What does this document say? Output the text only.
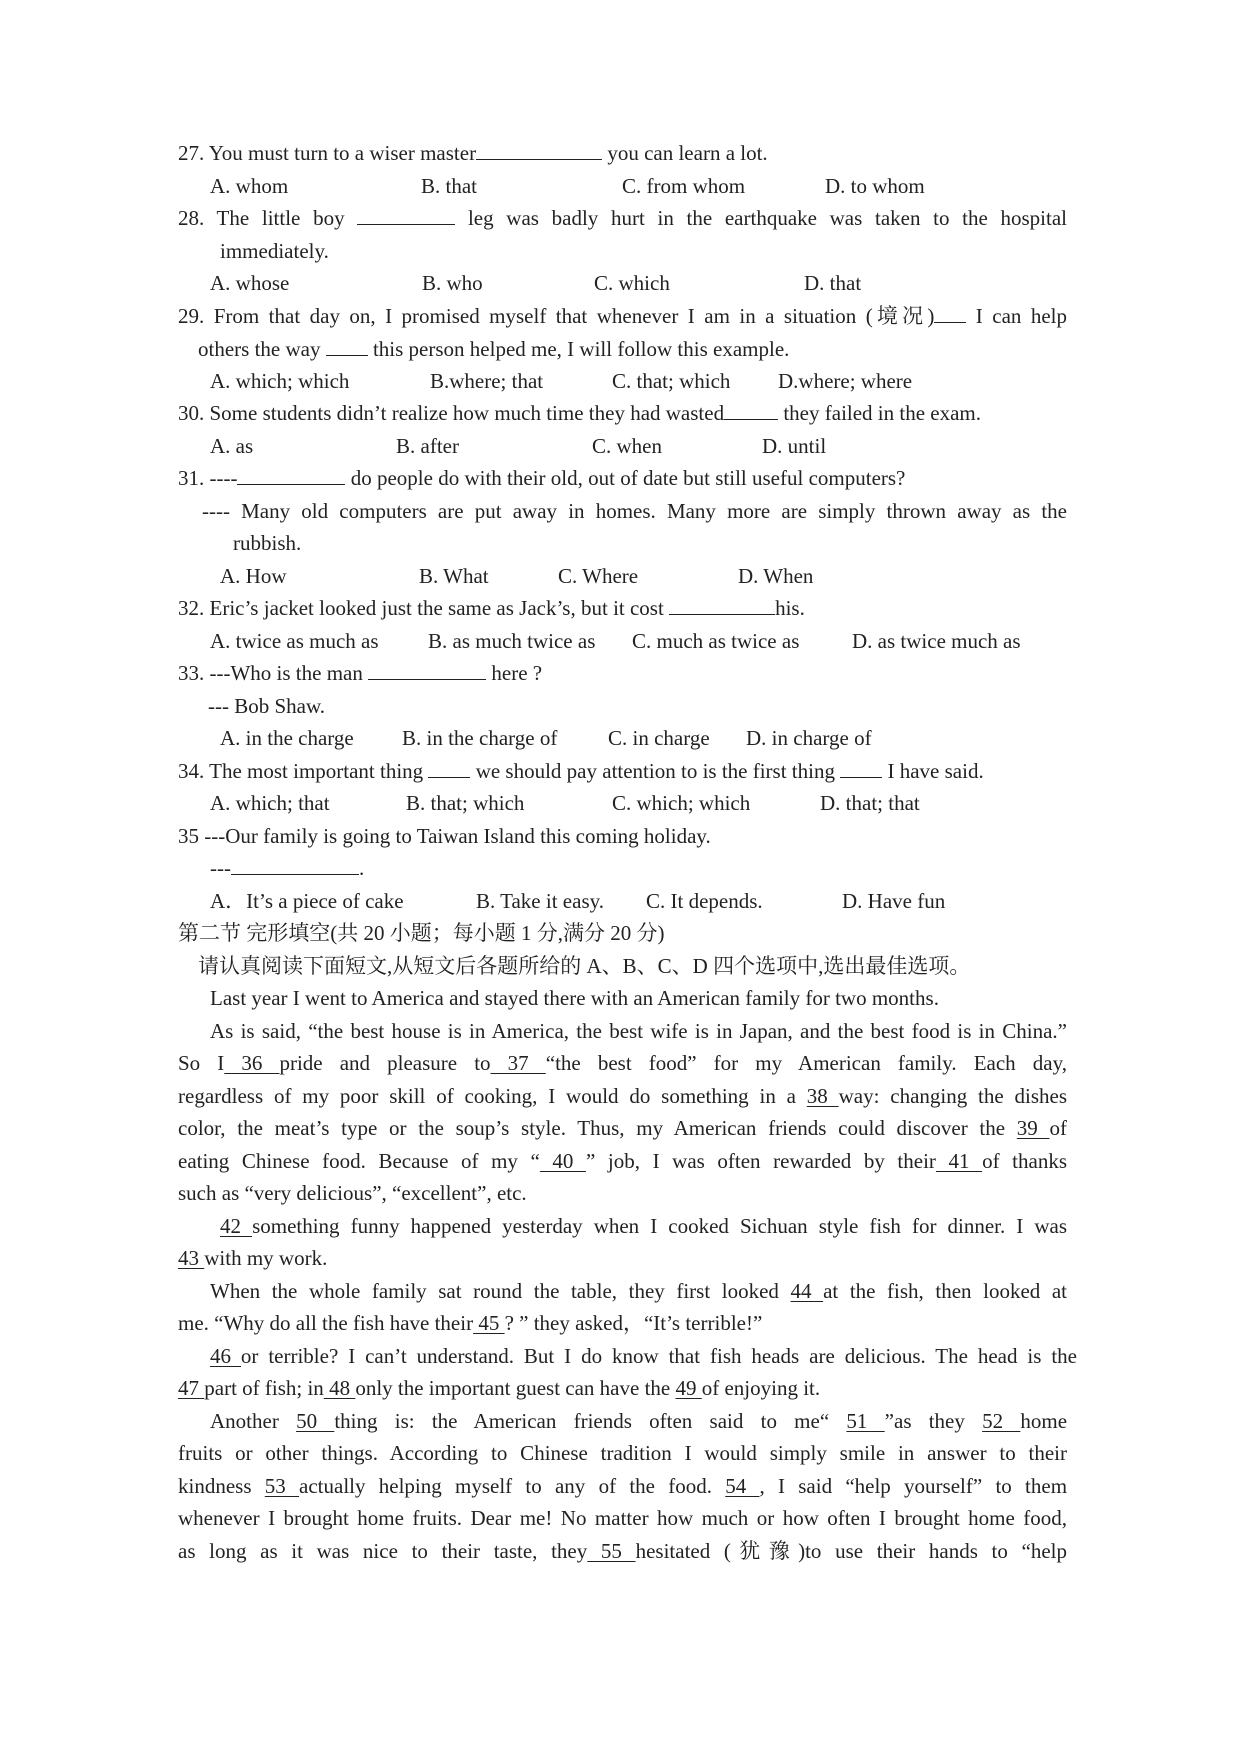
27. You must turn to a wiser master	you can learn a lot.
A. whom	B. that	C. from whom	D. to whom
28. The little boy	leg was badly hurt in the earthquake was taken to the hospital
immediately.
A. whose	B. who	C. which	D. that
29. From that day on, I promised myself that whenever I am in a situation (境况) I can help
others the way	this person helped me, I will follow this example.
A. which; which	B.where; that	C. that; which D.where; where
30. Some students didn’t realize how much time they had wasted	they failed in the exam.
A. as	B. after	C. when	D. until
31. ----	do people do with their old, out of date but still useful computers?
---- Many old computers are put away in homes. Many more are simply thrown away as the
rubbish.
A. How	B. What	C. Where	D. When
32. Eric’s jacket looked just the same as Jack’s, but it cost	his.
A. twice as much as B. as much twice as C. much as twice as	D. as twice much as
33. ---Who is the man	here ?
--- Bob Shaw.
A. in the charge B. in the charge of C. in charge D. in charge of
34. The most important thing  we should pay attention to is the first thing  I have said.
A. which; that	B. that; which	C. which; which	D. that; that
35 ---Our family is going to Taiwan Island this coming holiday.
---	.
A．It’s a piece of cake	B. Take it easy. C. It depends.	D. Have fun
第二节 完形填空(共 20 小题；每小题 1 分,满分 20 分)
请认真阅读下面短文,从短文后各题所给的 A、B、C、D 四个选项中,选出最佳选项。
Last year I went to America and stayed there with an American family for two months.
As is said, “the best house is in America, the best wife is in Japan, and the best food is in China.”
So I 36 pride and pleasure to 37 “the best food” for my American family. Each day,
regardless of my poor skill of cooking, I would do something in a 38 way: changing the dishes
color, the meat’s type or the soup’s style. Thus, my American friends could discover the 39 of
eating Chinese food. Because of my “ 40 ” job, I was often rewarded by their 41 of thanks
such as “very delicious”, “excellent”, etc.
42 something funny happened yesterday when I cooked Sichuan style fish for dinner. I was
43 with my work.
When the whole family sat round the table, they first looked 44 at the fish, then looked at
me. “Why do all the fish have their 45 ? ” they asked，“It’s terrible!”
46 or terrible? I can’t understand. But I do know that fish heads are delicious. The head is the
47 part of fish; in 48 only the important guest can have the 49 of enjoying it.
Another 50 thing is: the American friends often said to me“ 51 ”as they 52 home
fruits or other things. According to Chinese tradition I would simply smile in answer to their
kindness 53 actually helping myself to any of the food. 54 , I said “help yourself” to them
whenever I brought home fruits. Dear me! No matter how much or how often I brought home food,
as long as it was nice to their taste, they 55 hesitated (犹豫)to use their hands to “help
